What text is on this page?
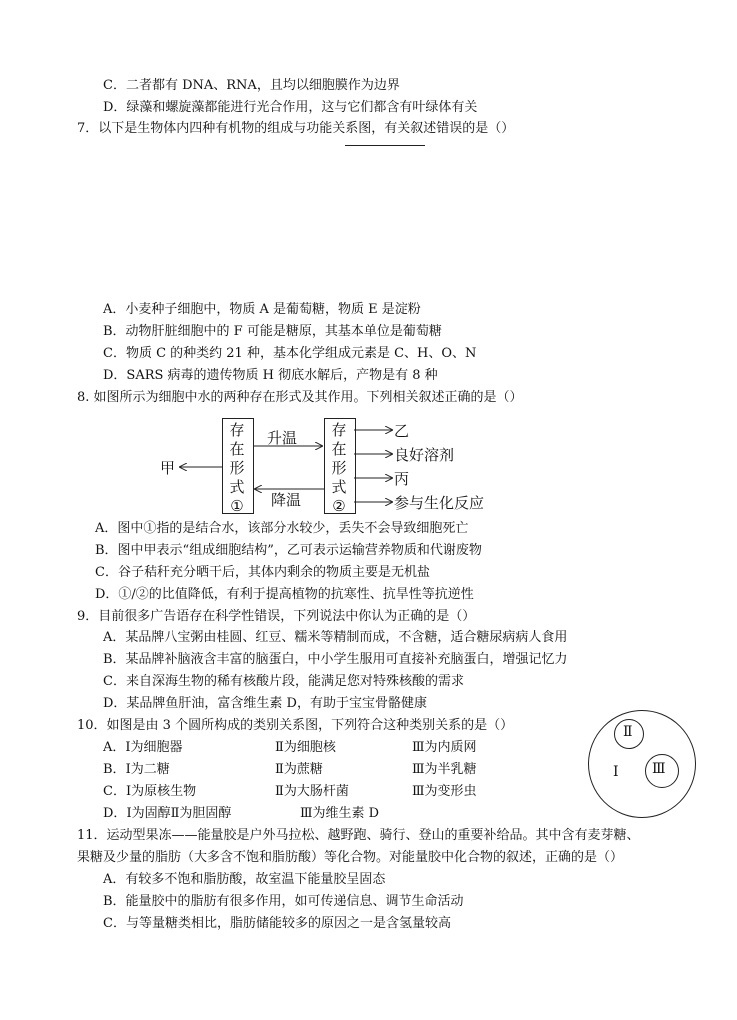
C．二者都有 DNA、RNA，且均以细胞膜作为边界
D．绿藻和螺旋藻都能进行光合作用，这与它们都含有叶绿体有关
7．以下是生物体内四种有机物的组成与功能关系图，有关叙述错误的是（）
A．小麦种子细胞中，物质 A 是葡萄糖，物质 E 是淀粉
B．动物肝脏细胞中的 F 可能是糖原，其基本单位是葡萄糖
C．物质 C 的种类约 21 种，基本化学组成元素是 C、H、O、N
D．SARS 病毒的遗传物质 H 彻底水解后，产物是有 8 种
8. 如图所示为细胞中水的两种存在形式及其作用。下列相关叙述正确的是（）
存
在
形
式
①
存
在
形
式
②
升温
降温
甲
乙
良好溶剂
丙
参与生化反应
A．图中①指的是结合水，该部分水较少，丢失不会导致细胞死亡
B．图中甲表示“组成细胞结构”，乙可表示运输营养物质和代谢废物
C．谷子秸秆充分晒干后，其体内剩余的物质主要是无机盐
D．①/②的比值降低，有利于提高植物的抗寒性、抗旱性等抗逆性
9．目前很多广告语存在科学性错误，下列说法中你认为正确的是（）
A．某品牌八宝粥由桂圆、红豆、糯米等精制而成，不含糖，适合糖尿病病人食用
B．某品牌补脑液含丰富的脑蛋白，中小学生服用可直接补充脑蛋白，增强记忆力
C．来自深海生物的稀有核酸片段，能满足您对特殊核酸的需求
D．某品牌鱼肝油，富含维生素 D，有助于宝宝骨骼健康
10．如图是由 3 个圆所构成的类别关系图，下列符合这种类别关系的是（）
A．Ⅰ为细胞器	Ⅱ为细胞核	Ⅲ为内质网
B．Ⅰ为二糖	Ⅱ为蔗糖	Ⅲ为半乳糖
C．Ⅰ为原核生物	Ⅱ为大肠杆菌	Ⅲ为变形虫
D．Ⅰ为固醇Ⅱ为胆固醇	Ⅲ为维生素 D
Ⅰ
Ⅱ
Ⅲ
11．运动型果冻——能量胶是户外马拉松、越野跑、骑行、登山的重要补给品。其中含有麦芽糖、
果糖及少量的脂肪（大多含不饱和脂肪酸）等化合物。对能量胶中化合物的叙述，正确的是（）
A．有较多不饱和脂肪酸，故室温下能量胶呈固态
B．能量胶中的脂肪有很多作用，如可传递信息、调节生命活动
C．与等量糖类相比，脂肪储能较多的原因之一是含氢量较高
